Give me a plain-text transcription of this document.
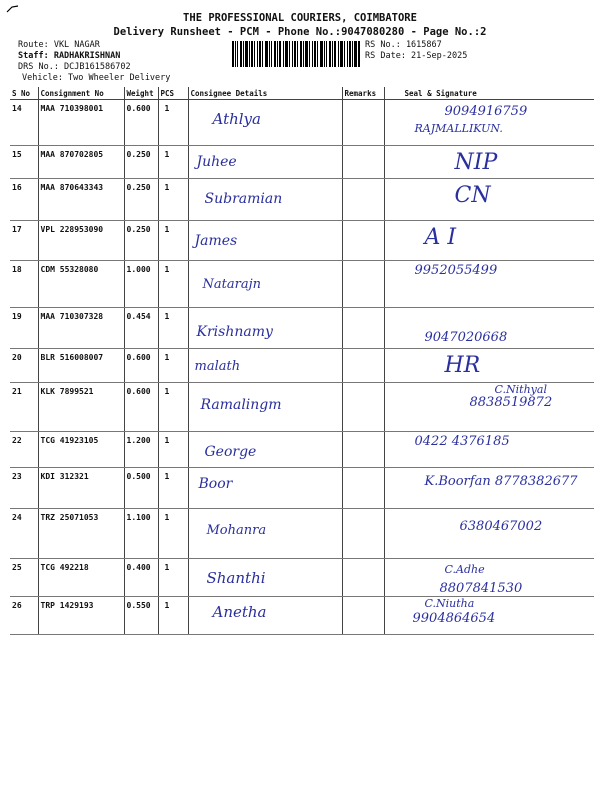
THE PROFESSIONAL COURIERS, COIMBATORE
Delivery Runsheet - PCM - Phone No.:9047080280 - Page No.:2
Route: VKL NAGAR
Staff: RADHAKRISHNAN
DRS No.: DCJB161586702
Vehicle: Two Wheeler Delivery
RS No.: 1615867
RS Date: 21-Sep-2025
S No	Consignment No	Weight	PCS	Consignee Details	Remarks	Seal & Signature

14	MAA 710398001	0.600	1	Athlya		9094916759
RAJMALLIKUN.

15	MAA 870702805	0.250	1	Juhee		NIP

16	MAA 870643343	0.250	1	Subramian		CN

17	VPL 228953090	0.250	1	James		A I

18	CDM 55328080	1.000	1	Natarajn		9952055499

19	MAA 710307328	0.454	1	Krishnamy		9047020668

20	BLR 516008007	0.600	1	malath		HR

21	KLK 7899521	0.600	1	Ramalingm		8838519872
C.Nithyal

22	TCG 41923105	1.200	1	George		0422 4376185

23	KDI 312321	0.500	1	Boor		K.Boorfan 8778382677

24	TRZ 25071053	1.100	1	Mohanra		6380467002

25	TCG 492218	0.400	1	Shanthi		8807841530
C.Adhe

26	TRP 1429193	0.550	1	Anetha		9904864654
C.Niutha
